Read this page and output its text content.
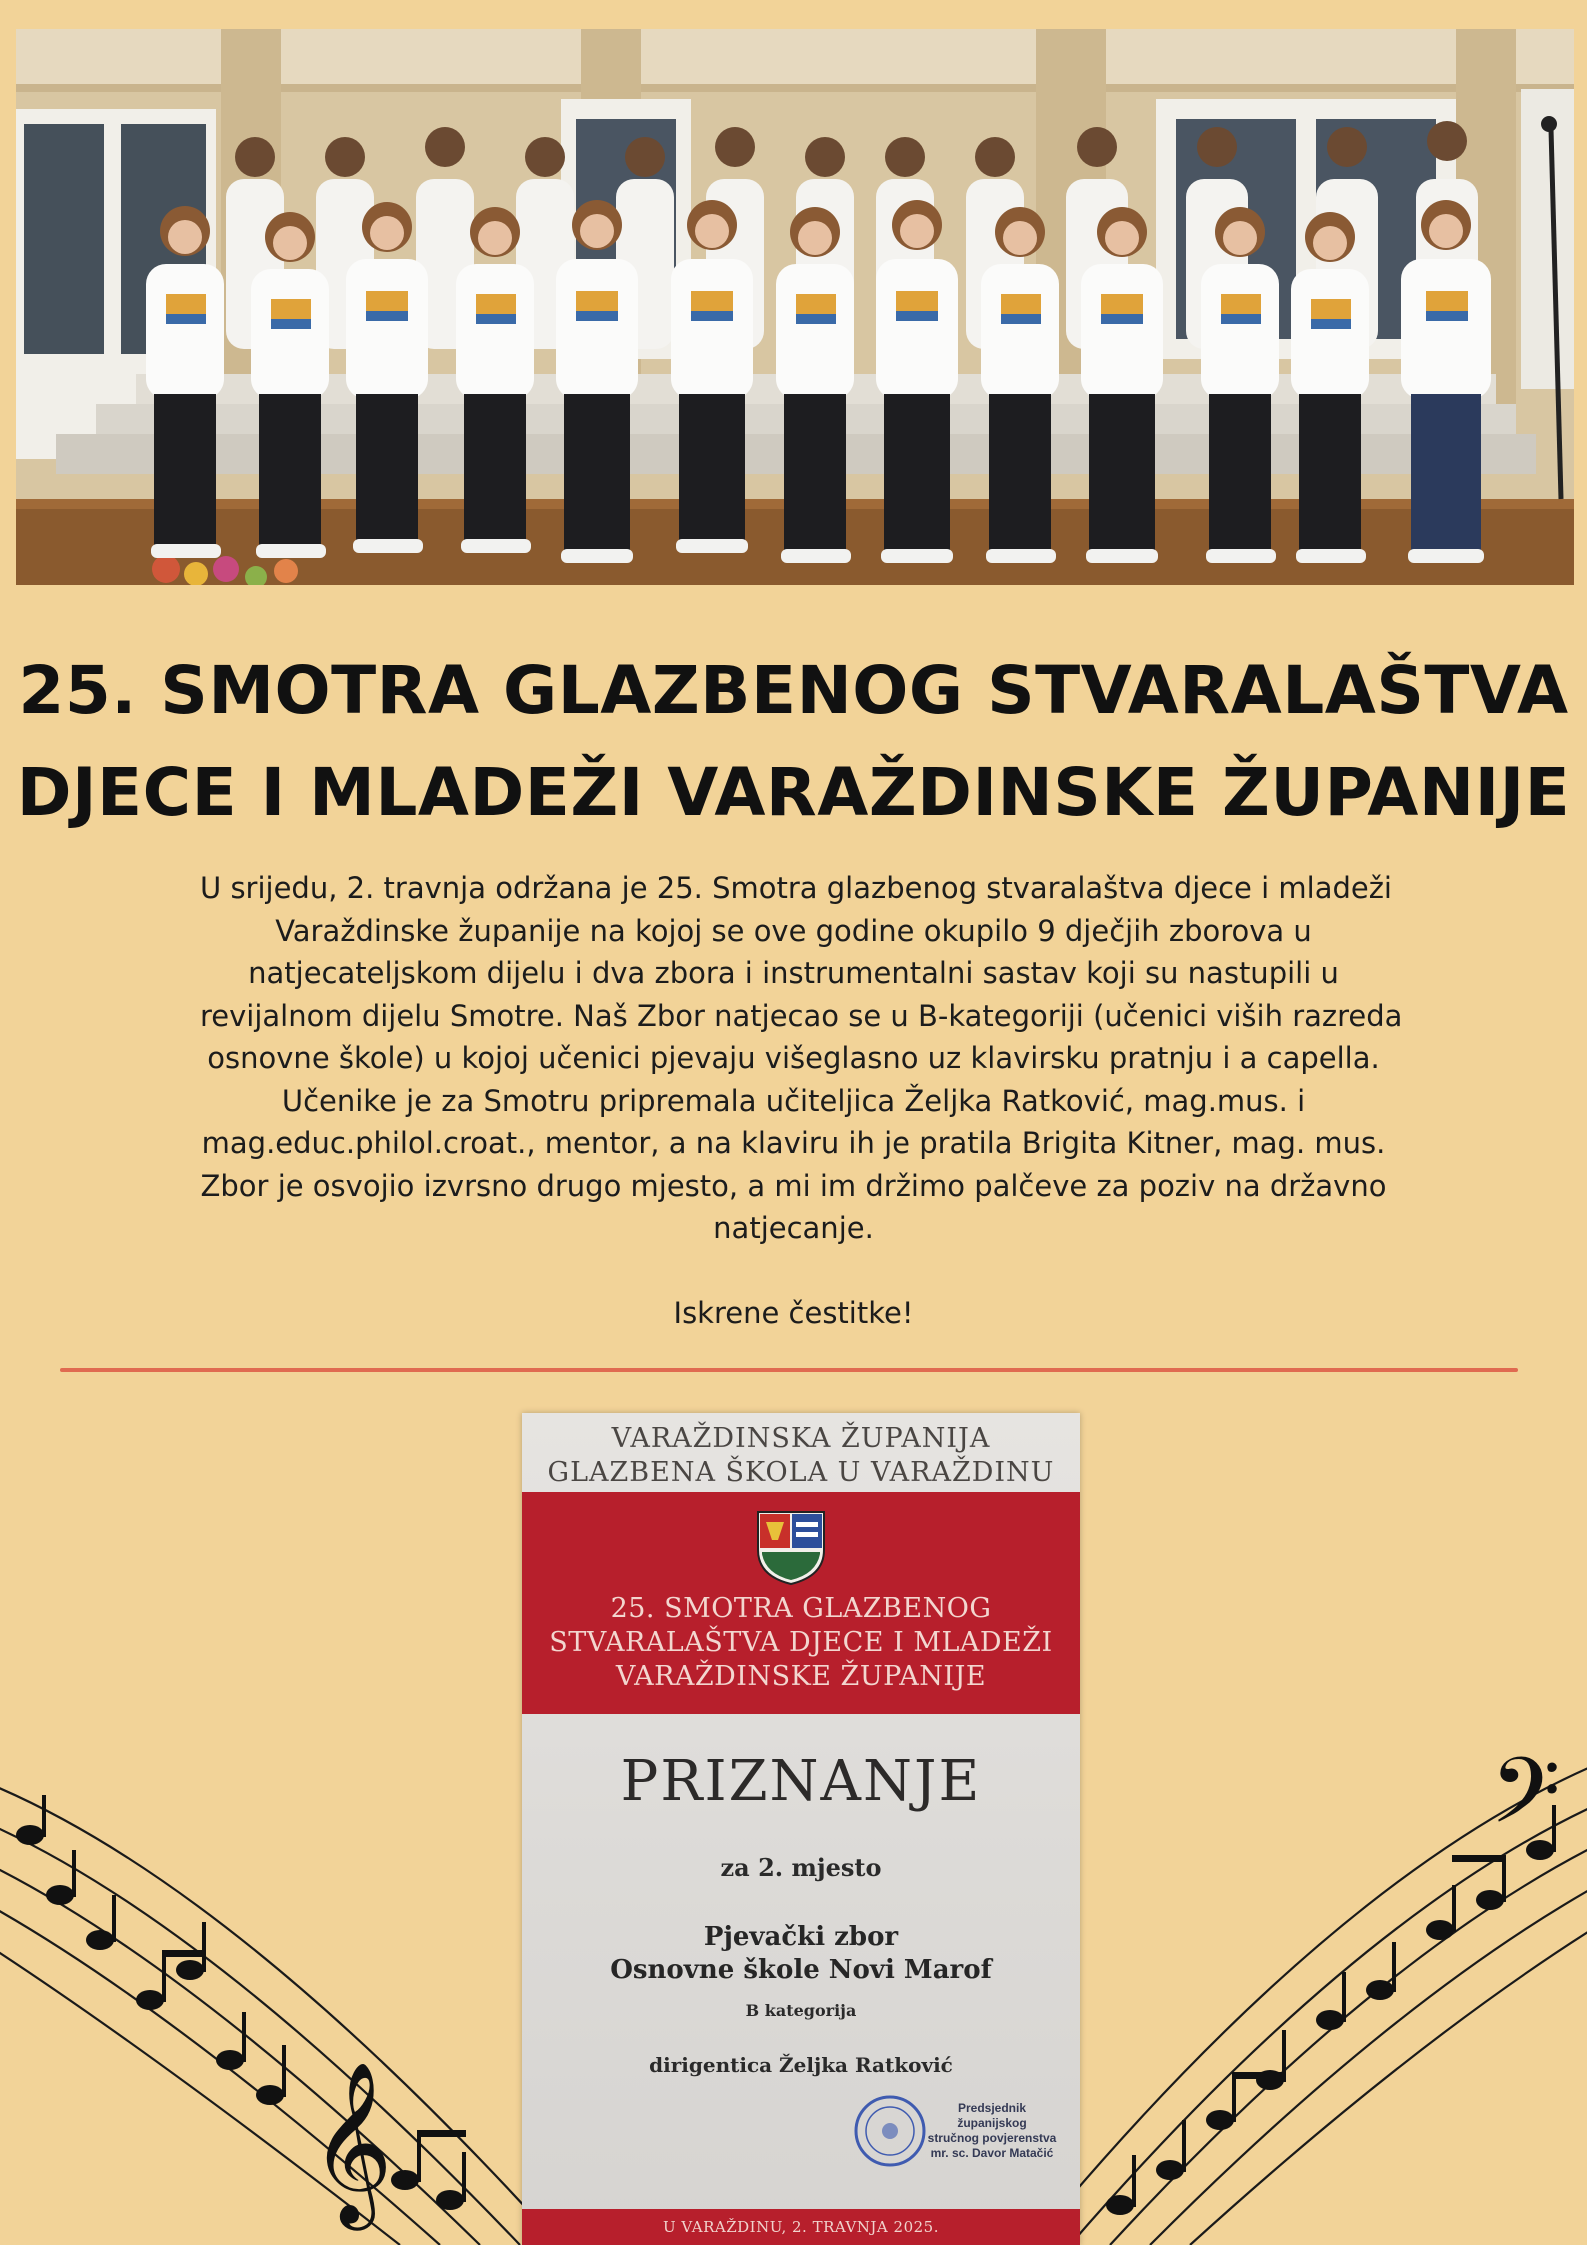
25. SMOTRA GLAZBENOG STVARALAŠTVA
DJECE I MLADEŽI VARAŽDINSKE ŽUPANIJE
U srijedu, 2. travnja održana je 25. Smotra glazbenog stvaralaštva djece i mladeži
Varaždinske županije na kojoj se ove godine okupilo 9 dječjih zborova u
natjecateljskom dijelu i dva zbora i instrumentalni sastav koji su nastupili u
revijalnom dijelu Smotre. Naš Zbor natjecao se u B-kategoriji (učenici viših razreda
osnovne škole) u kojoj učenici pjevaju višeglasno uz klavirsku pratnju i a capella.
Učenike je za Smotru pripremala učiteljica Željka Ratković, mag.mus. i
mag.educ.philol.croat., mentor, a na klaviru ih je pratila Brigita Kitner, mag. mus.
Zbor je osvojio izvrsno drugo mjesto, a mi im držimo palčeve za poziv na državno
natjecanje.
Iskrene čestitke!
𝄞
𝄢
VARAŽDINSKA ŽUPANIJA
GLAZBENA ŠKOLA U VARAŽDINU
25. SMOTRA GLAZBENOG
STVARALAŠTVA DJECE I MLADEŽI
VARAŽDINSKE ŽUPANIJE
PRIZNANJE
za 2. mjesto
Pjevački zbor
Osnovne škole Novi Marof
B kategorija
dirigentica Željka Ratković
Predsjednik županijskog
stručnog povjerenstva
mr. sc. Davor Matačić
U VARAŽDINU, 2. TRAVNJA 2025.
